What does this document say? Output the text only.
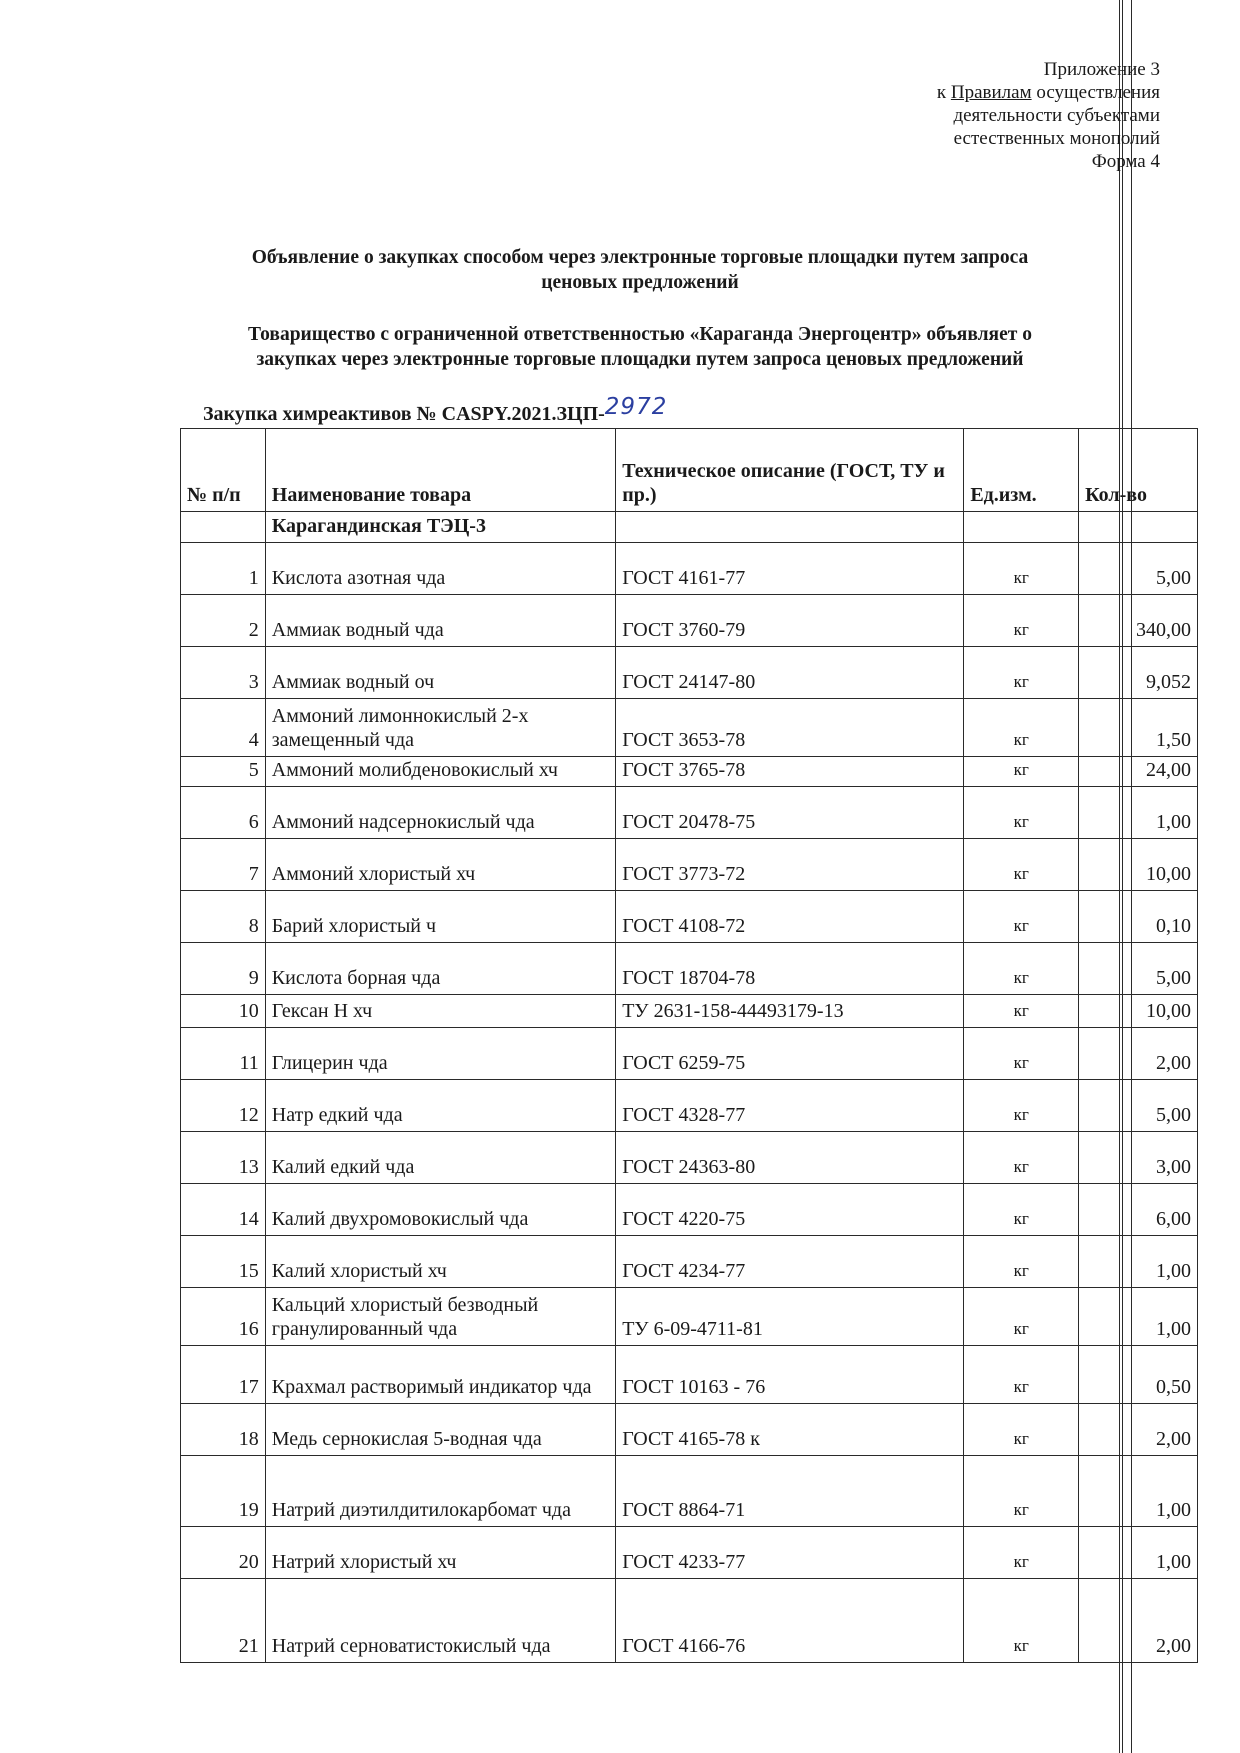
Приложение 3
к Правилам осуществления
деятельности субъектами
естественных монополий
Форма 4
Объявление о закупках способом через электронные торговые площадки путем запроса
ценовых предложений
Товарищество с ограниченной ответственностью «Караганда Энергоцентр» объявляет о
закупках через электронные торговые площадки путем запроса ценовых предложений
Закупка химреактивов № CASPY.2021.ЗЦП-2972
№ п/п	Наименование товара	Техническое описание (ГОСТ, ТУ и пр.)	Ед.изм.	Кол-во
	Карагандинская ТЭЦ-3			
1	Кислота азотная чда	ГОСТ 4161-77	кг	5,00
2	Аммиак водный чда	ГОСТ 3760-79	кг	340,00
3	Аммиак водный оч	ГОСТ 24147-80	кг	9,052
4	Аммоний лимоннокислый 2-х замещенный чда	ГОСТ 3653-78	кг	1,50
5	Аммоний молибденовокислый хч	ГОСТ 3765-78	кг	24,00
6	Аммоний надсернокислый чда	ГОСТ 20478-75	кг	1,00
7	Аммоний хлористый хч	ГОСТ 3773-72	кг	10,00
8	Барий хлористый ч	ГОСТ 4108-72	кг	0,10
9	Кислота борная чда	ГОСТ 18704-78	кг	5,00
10	Гексан Н хч	ТУ 2631-158-44493179-13	кг	10,00
11	Глицерин чда	ГОСТ 6259-75	кг	2,00
12	Натр едкий чда	ГОСТ 4328-77	кг	5,00
13	Калий едкий чда	ГОСТ 24363-80	кг	3,00
14	Калий двухромовокислый чда	ГОСТ 4220-75	кг	6,00
15	Калий хлористый хч	ГОСТ 4234-77	кг	1,00
16	Кальций хлористый безводный гранулированный чда	ТУ 6-09-4711-81	кг	1,00
17	Крахмал растворимый индикатор чда	ГОСТ 10163 - 76	кг	0,50
18	Медь сернокислая 5-водная чда	ГОСТ 4165-78 к	кг	2,00
19	Натрий диэтилдитилокарбомат чда	ГОСТ 8864-71	кг	1,00
20	Натрий хлористый хч	ГОСТ 4233-77	кг	1,00
21	Натрий серноватистокислый чда	ГОСТ 4166-76	кг	2,00
